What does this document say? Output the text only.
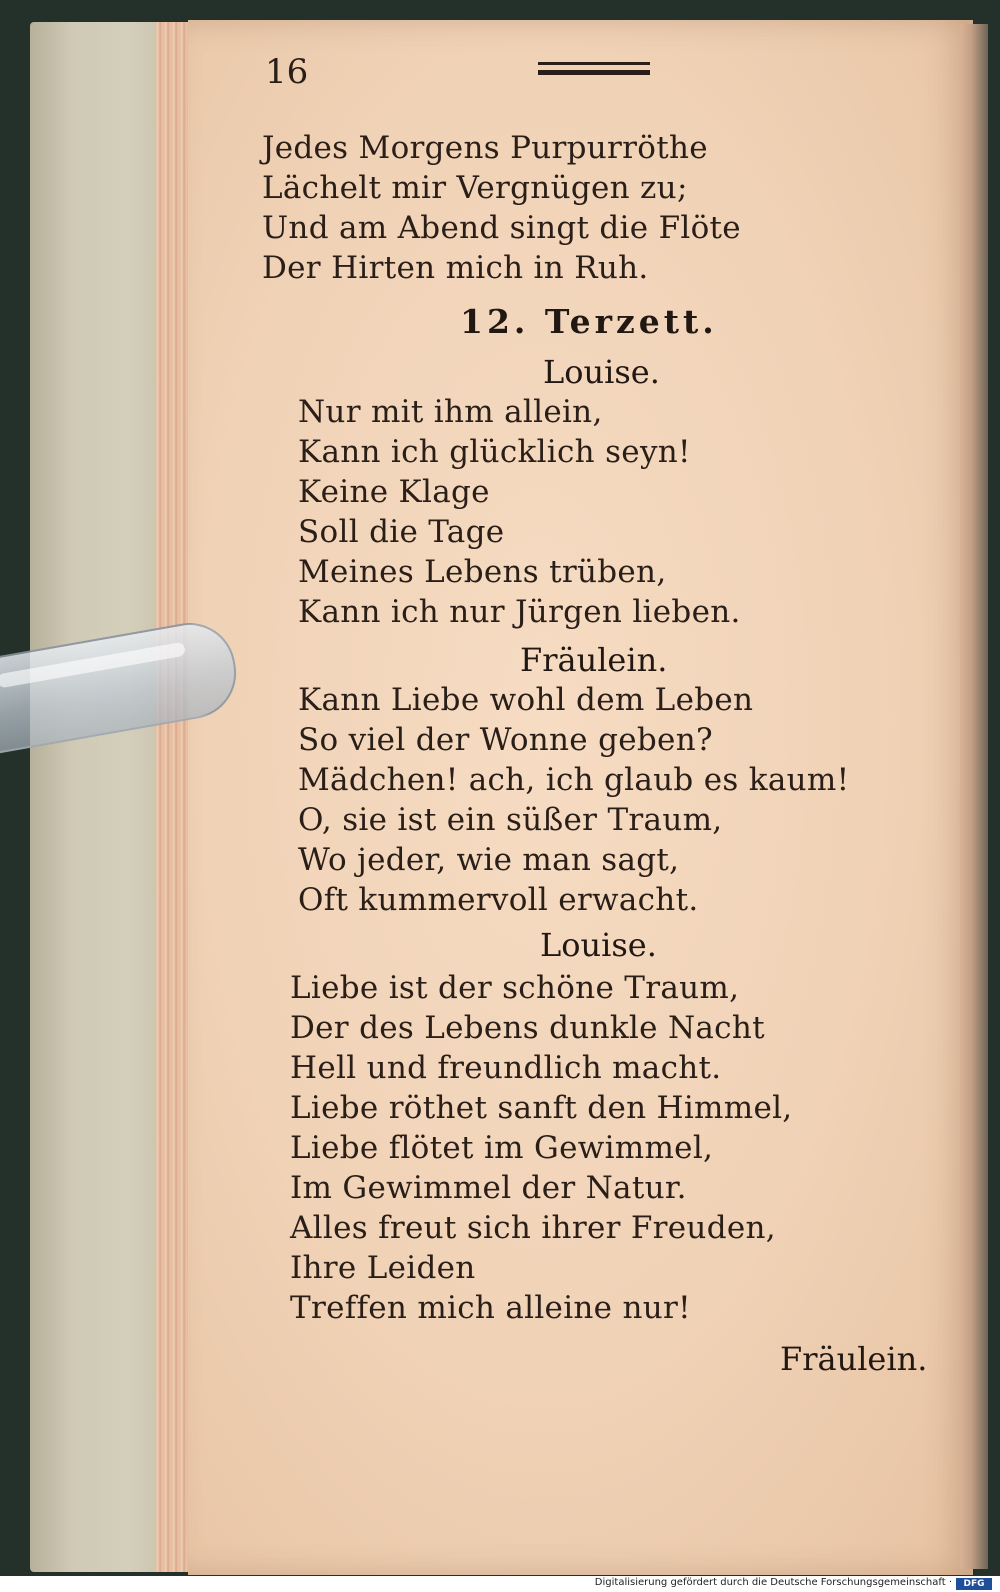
16
Jedes Morgens Purpurröthe
Lächelt mir Vergnügen zu;
Und am Abend singt die Flöte
Der Hirten mich in Ruh.
12. Terzett.
Louise.
Nur mit ihm allein,
Kann ich glücklich seyn!
Keine Klage
Soll die Tage
Meines Lebens trüben,
Kann ich nur Jürgen lieben.
Fräulein.
Kann Liebe wohl dem Leben
So viel der Wonne geben?
Mädchen! ach, ich glaub es kaum!
O, sie ist ein süßer Traum,
Wo jeder, wie man sagt,
Oft kummervoll erwacht.
Louise.
Liebe ist der schöne Traum,
Der des Lebens dunkle Nacht
Hell und freundlich macht.
Liebe röthet sanft den Himmel,
Liebe flötet im Gewimmel,
Im Gewimmel der Natur.
Alles freut sich ihrer Freuden,
Ihre Leiden
Treffen mich alleine nur!
Fräulein.
Digitalisierung gefördert durch die Deutsche Forschungsgemeinschaft ·	DFG
